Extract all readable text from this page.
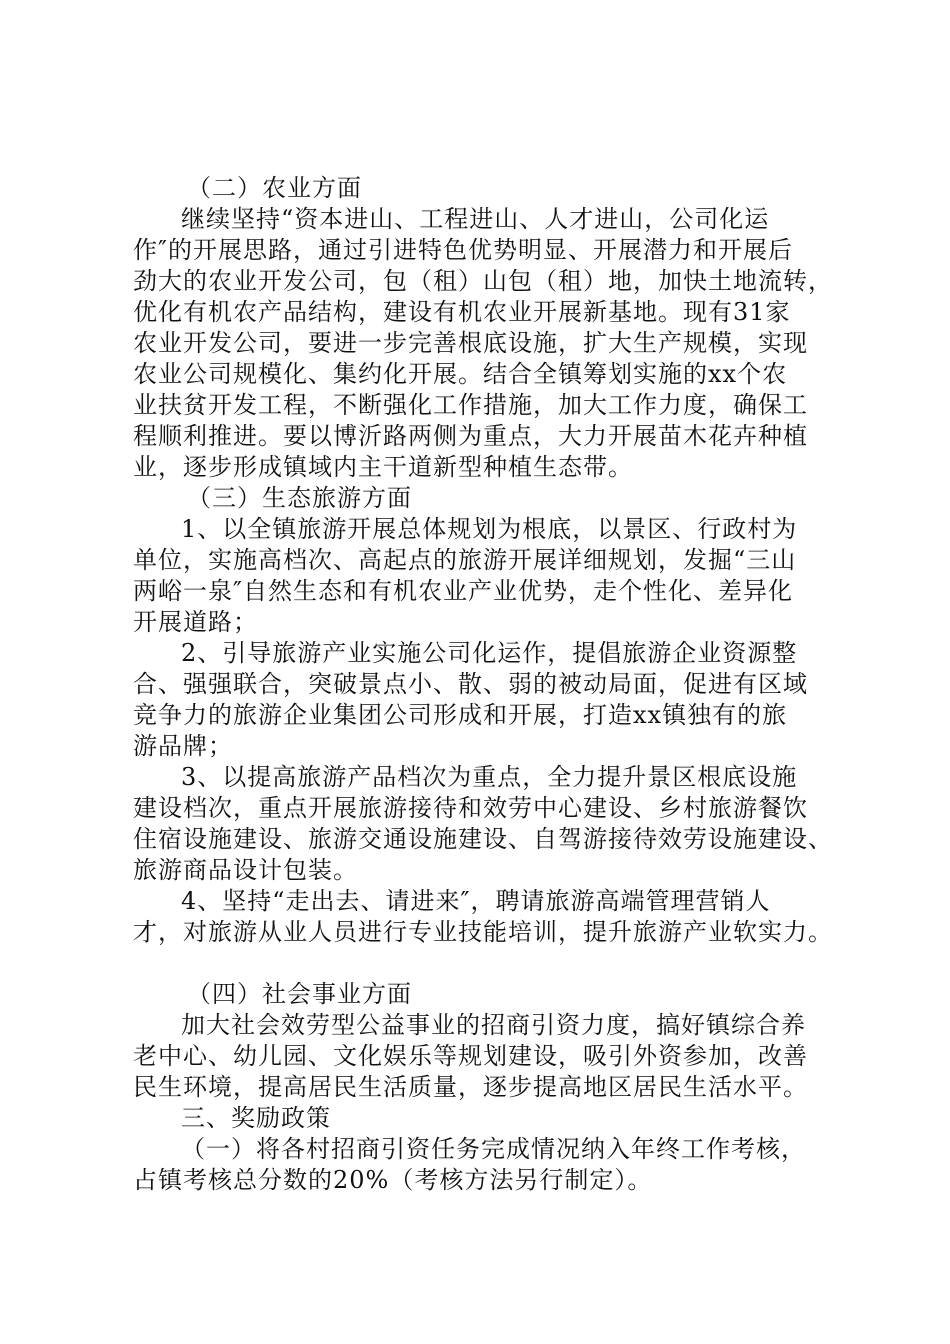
（二）农业方面
继续坚持“资本进山、工程进山、人才进山，公司化运
作″的开展思路，通过引进特色优势明显、开展潜力和开展后
劲大的农业开发公司，包（租）山包（租）地，加快土地流转，
优化有机农产品结构，建设有机农业开展新基地。现有31家
农业开发公司，要进一步完善根底设施，扩大生产规模，实现
农业公司规模化、集约化开展。结合全镇筹划实施的xx个农
业扶贫开发工程，不断强化工作措施，加大工作力度，确保工
程顺利推进。要以博沂路两侧为重点，大力开展苗木花卉种植
业，逐步形成镇域内主干道新型种植生态带。
（三）生态旅游方面
1、以全镇旅游开展总体规划为根底，以景区、行政村为
单位，实施高档次、高起点的旅游开展详细规划，发掘“三山
两峪一泉″自然生态和有机农业产业优势，走个性化、差异化
开展道路；
2、引导旅游产业实施公司化运作，提倡旅游企业资源整
合、强强联合，突破景点小、散、弱的被动局面，促进有区域
竞争力的旅游企业集团公司形成和开展，打造xx镇独有的旅
游品牌；
3、以提高旅游产品档次为重点，全力提升景区根底设施
建设档次，重点开展旅游接待和效劳中心建设、乡村旅游餐饮
住宿设施建设、旅游交通设施建设、自驾游接待效劳设施建设、
旅游商品设计包装。
4、坚持“走出去、请进来″，聘请旅游高端管理营销人
才，对旅游从业人员进行专业技能培训，提升旅游产业软实力。
（四）社会事业方面
加大社会效劳型公益事业的招商引资力度，搞好镇综合养
老中心、幼儿园、文化娱乐等规划建设，吸引外资参加，改善
民生环境，提高居民生活质量，逐步提高地区居民生活水平。
三、奖励政策
（一）将各村招商引资任务完成情况纳入年终工作考核，
占镇考核总分数的20%（考核方法另行制定）。
